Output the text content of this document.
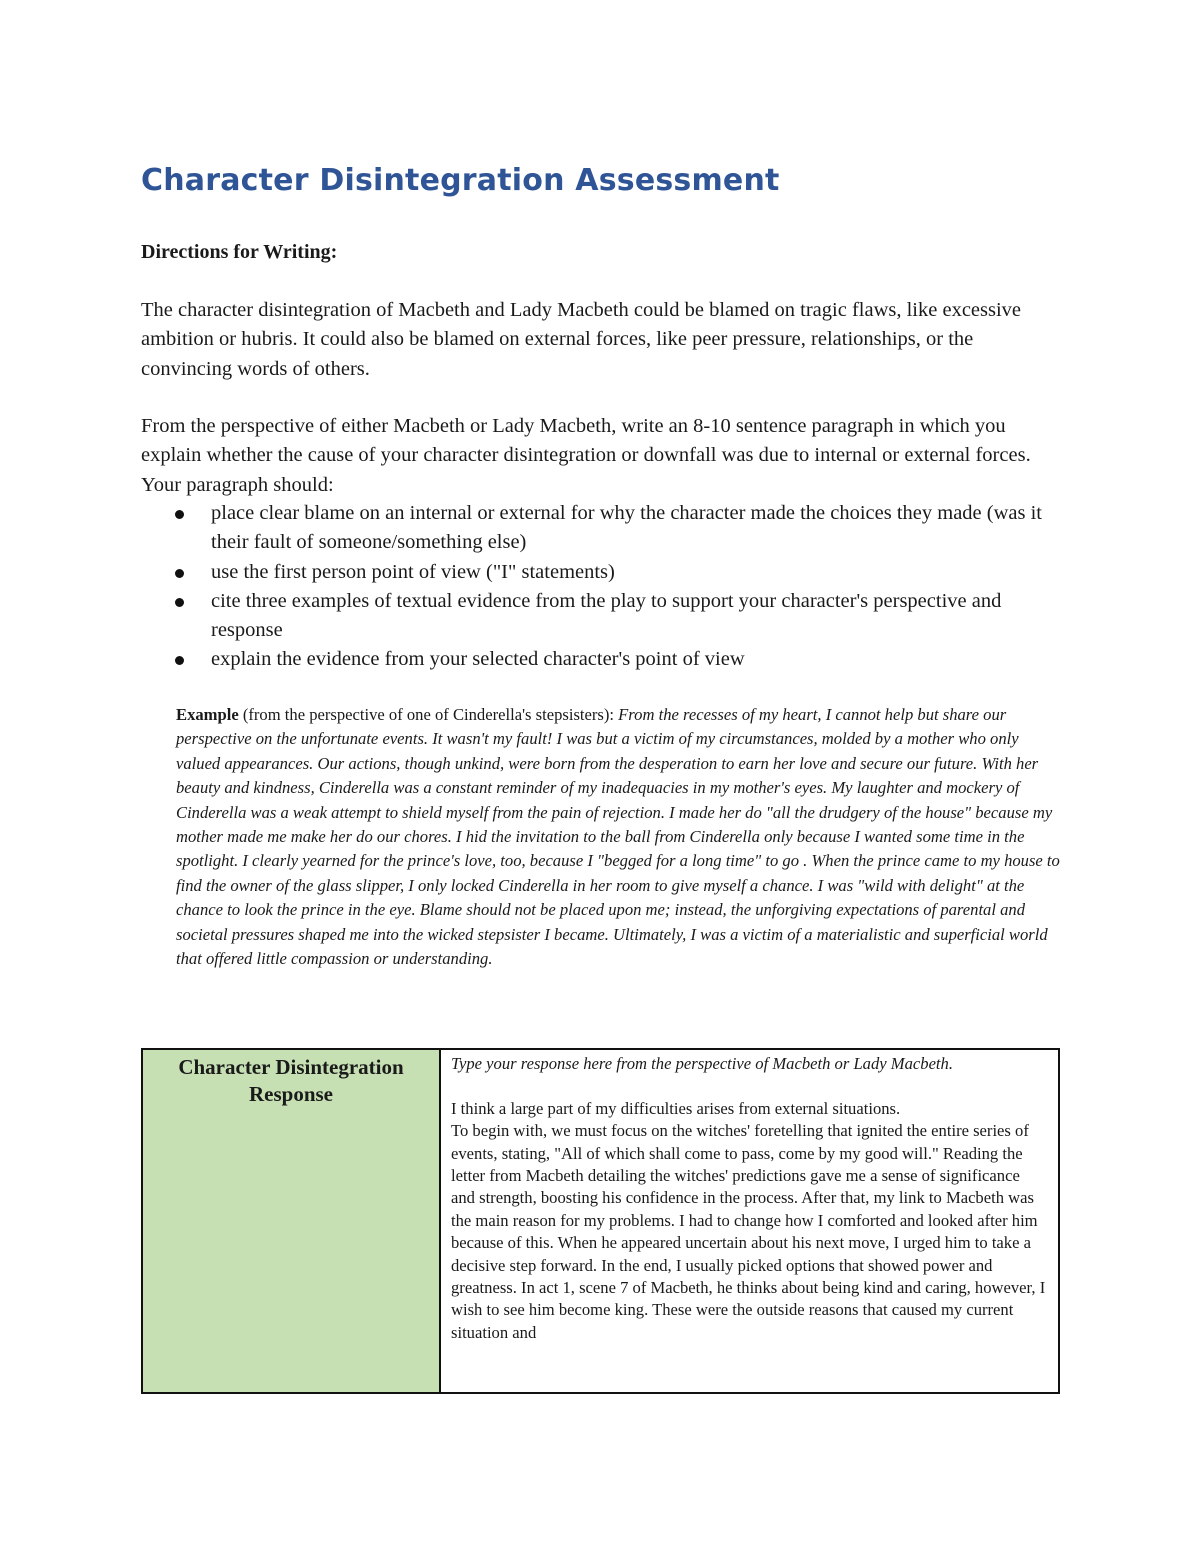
Character Disintegration Assessment
Directions for Writing:

The character disintegration of Macbeth and Lady Macbeth could be blamed on tragic flaws, like excessive ambition or hubris. It could also be blamed on external forces, like peer pressure, relationships, or the convincing words of others.

From the perspective of either Macbeth or Lady Macbeth, write an 8-10 sentence paragraph in which you explain whether the cause of your character disintegration or downfall was due to internal or external forces. Your paragraph should:

place clear blame on an internal or external for why the character made the choices they made (was it their fault of someone/something else)
use the first person point of view ("I" statements)
cite three examples of textual evidence from the play to support your character's perspective and response
explain the evidence from your selected character's point of view

Example (from the perspective of one of Cinderella's stepsisters): From the recesses of my heart, I cannot help but share our perspective on the unfortunate events. It wasn't my fault! I was but a victim of my circumstances, molded by a mother who only valued appearances. Our actions, though unkind, were born from the desperation to earn her love and secure our future. With her beauty and kindness, Cinderella was a constant reminder of my inadequacies in my mother's eyes. My laughter and mockery of Cinderella was a weak attempt to shield myself from the pain of rejection. I made her do "all the drudgery of the house" because my mother made me make her do our chores. I hid the invitation to the ball from Cinderella only because I wanted some time in the spotlight. I clearly yearned for the prince's love, too, because I "begged for a long time" to go . When the prince came to my house to find the owner of the glass slipper, I only locked Cinderella in her room to give myself a chance. I was "wild with delight" at the chance to look the prince in the eye. Blame should not be placed upon me; instead, the unforgiving expectations of parental and societal pressures shaped me into the wicked stepsister I became. Ultimately, I was a victim of a materialistic and superficial world that offered little compassion or understanding.

Character Disintegration Response

Type your response here from the perspective of Macbeth or Lady Macbeth.

I think a large part of my difficulties arises from external situations.
To begin with, we must focus on the witches' foretelling that ignited the entire series of events, stating, "All of which shall come to pass, come by my good will." Reading the letter from Macbeth detailing the witches' predictions gave me a sense of significance and strength, boosting his confidence in the process. After that, my link to Macbeth was the main reason for my problems. I had to change how I comforted and looked after him because of this. When he appeared uncertain about his next move, I urged him to take a decisive step forward. In the end, I usually picked options that showed power and greatness. In act 1, scene 7 of Macbeth, he thinks about being kind and caring, however, I wish to see him become king. These were the outside reasons that caused my current situation and
